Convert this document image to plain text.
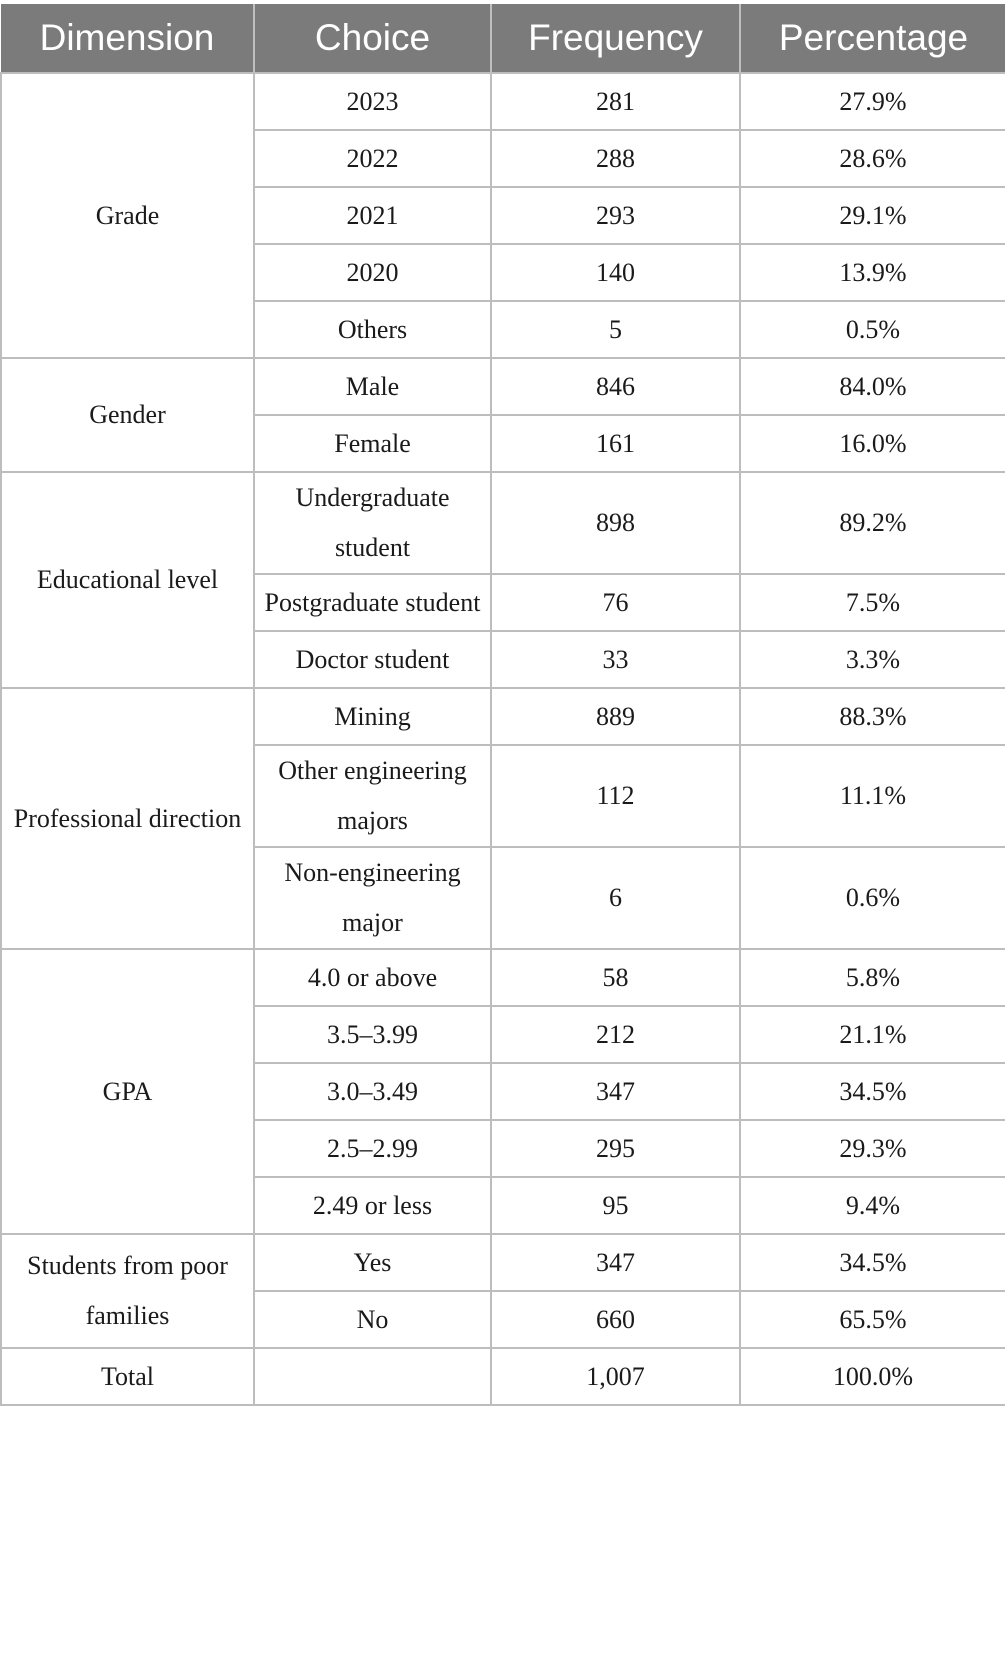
Dimension	Choice	Frequency	Percentage
Grade	2023	281	27.9%
	2022	288	28.6%
	2021	293	29.1%
	2020	140	13.9%
	Others	5	0.5%
Gender	Male	846	84.0%
	Female	161	16.0%
Educational level	Undergraduate student	898	89.2%
	Postgraduate student	76	7.5%
	Doctor student	33	3.3%
Professional direction	Mining	889	88.3%
	Other engineering majors	112	11.1%
	Non-engineering major	6	0.6%
GPA	4.0 or above	58	5.8%
	3.5–3.99	212	21.1%
	3.0–3.49	347	34.5%
	2.5–2.99	295	29.3%
	2.49 or less	95	9.4%
Students from poor families	Yes	347	34.5%
	No	660	65.5%
Total		1,007	100.0%
